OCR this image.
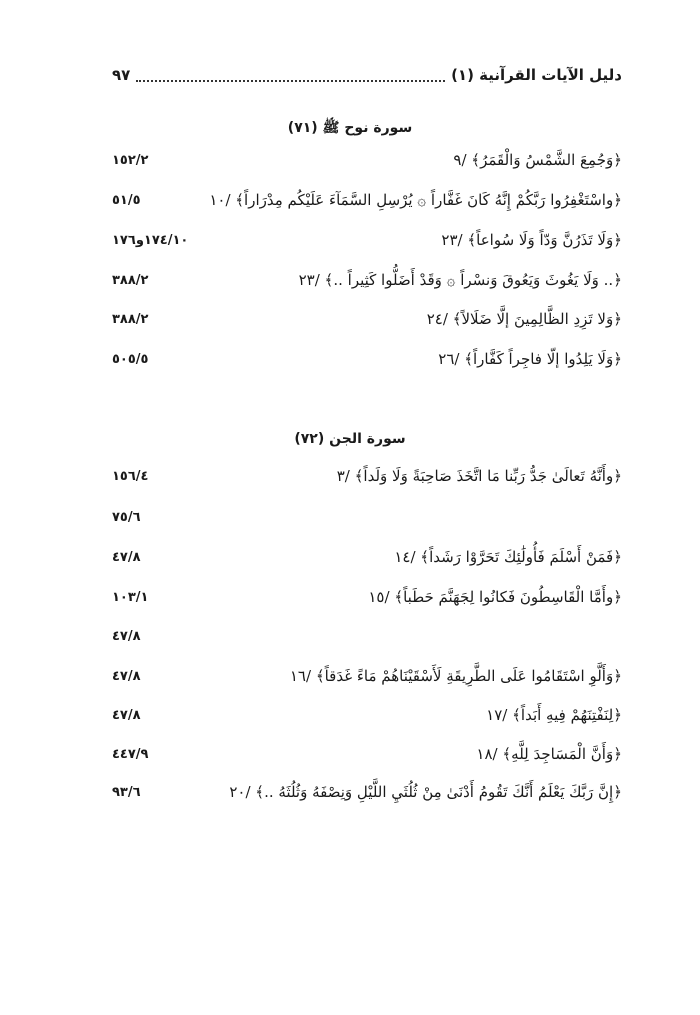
دليل الآيات القرآنية (١)
٩٧
سورة نوح ﷺ (٧١)
﴿وَجُمِعَ الشَّمْسُ وَالْقَمَرُ﴾ /٩
١٥٢/٢
﴿واسْتَغْفِرُوا رَبَّكُمْ إِنَّهُ كَانَ غَفَّاراً ۞ يُرْسِلِ السَّمَآءَ عَلَيْكُم مِدْرَاراً﴾ /١٠
٥١/٥
﴿وَلَا تَذَرُنَّ وَدّاً وَلَا سُواعاً﴾ /٢٣
١٧٤/١٠و١٧٦
﴿.. وَلَا يَغُوثَ وَيَعُوقَ وَنسْراً ۞ وَقَدْ أَضَلُّوا كَثِيراً ..﴾ /٢٣
٣٨٨/٢
﴿وَلا تَزِدِ الظَّالِمِينَ إلَّا ضَلَالاً﴾ /٢٤
٣٨٨/٢
﴿وَلَا يَلِدُوا إلّا فاجِراً كَفَّاراً﴾ /٢٦
٥٠٥/٥
سورة الجن (٧٢)
﴿وأَنَّهُ تَعالَىٰ جَدُّ رَبِّنا مَا اتَّخَذَ صَاحِبَةً وَلَا وَلَداً﴾ /٣
١٥٦/٤
٧٥/٦
﴿فَمَنْ أَسْلَمَ فَأُولَٰئِكَ تَحَرَّوْا رَشَداً﴾ /١٤
٤٧/٨
﴿وأَمَّا الْقَاسِطُونَ فَكانُوا لِجَهَنَّمَ حَطَباً﴾ /١٥
١٠٣/١
٤٧/٨
﴿وَأَلَّوِ اسْتَقَامُوا عَلَى الطَّرِيقَةِ لَأَسْقَيْنَاهُمْ مَاءً غَدَقاً﴾ /١٦
٤٧/٨
﴿لِنَفْتِنَهُمْ فِيهِ أَبَداً﴾ /١٧
٤٧/٨
﴿وَأَنَّ الْمَسَاجِدَ لِلَّهِ﴾ /١٨
٤٤٧/٩
﴿إِنَّ رَبَّكَ يَعْلَمُ أَنَّكَ تَقُومُ أَدْنَىٰ مِنْ ثُلُثَيِ اللَّيْلِ وَنِصْفَهُ وَثُلُثَهُ ..﴾ /٢٠
٩٣/٦
